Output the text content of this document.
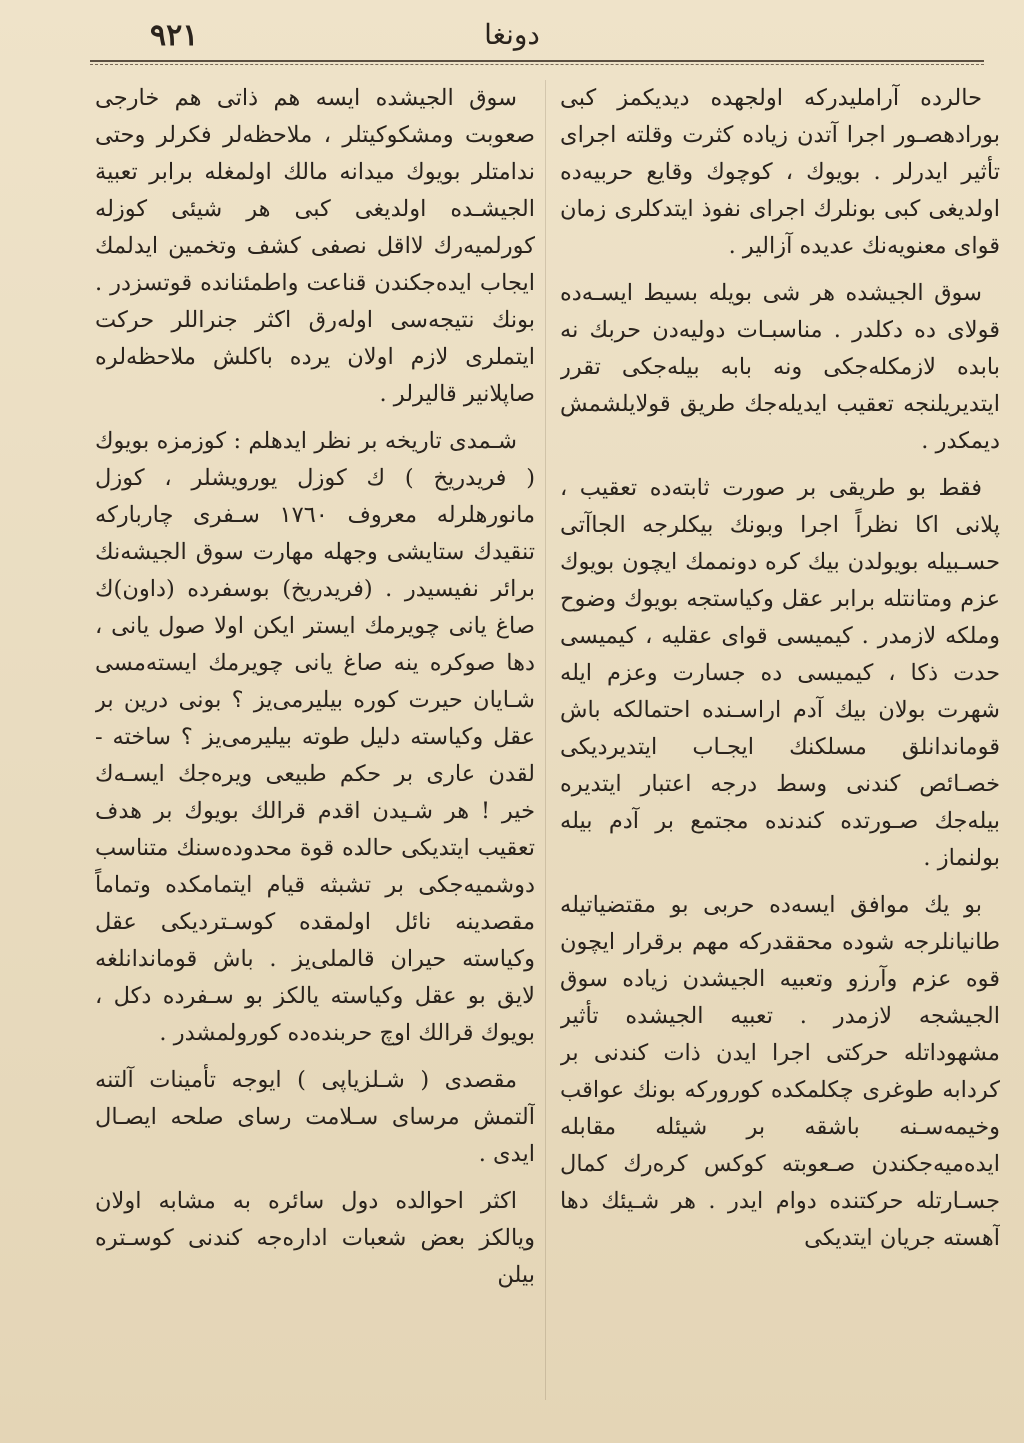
٩٢١	دونغا

حالرده آراملیدرکه اولجهده دیدیکمز کبی بورادهصـور اجرا آتدن زیاده کثرت وقلته اجرای تأثیر ایدرلر . بویوك ، کوچوك وقایع حربیه‌ده اولدیغی کبی بونلرك اجرای نفوذ ایتدکلری زمان قوای معنویه‌نك عدیده آزالیر .

سوق الجیشده هر شی بویله بسیط ایسـه‌ده قولای ده دکلدر . مناسبـات دولیه‌دن حربك نه بابده لازمکله‌جکی ونه بابه بیله‌جکی تقرر ایتدیریلنجه تعقیب ایدیله‌جك طریق قولایلشمش دیمکدر .

فقط بو طریقی بر صورت ثابته‌ده تعقیب ، پلانی اکا نظراً اجرا وبونك بیکلرجه الجاآتی حسـبیله بویولدن بیك کره دونممك ایچون بویوك عزم ومتانتله برابر عقل وکیاستجه بویوك وضوح وملکه لازمدر . کیمیسی قوای عقلیه ، کیمیسی حدت ذکا ، کیمیسی ده جسارت وعزم ایله شهرت بولان بیك آدم اراسـنده احتمالکه باش قوماندانلق مسلکنك ایجـاب ایتدیردیکی خصـائص کندنی وسط درجه اعتبار ایتدیره بیله‌جك صـورتده کندنده مجتمع بر آدم بیله بولنماز .

بو یك موافق ایسه‌ده حربی بو مقتضیاتیله طانیانلرجه شوده محققدرکه مهم برقرار ایچون قوه عزم وآرزو وتعبیه الجیشدن زیاده سوق الجیشجه لازمدر . تعبیه الجیشده تأثیر مشهوداتله حرکتی اجرا ایدن ذات کندنی بر کردابه طوغری چکلمکده کورورکه بونك عواقب وخیمه‌سـنه باشقه بر شیئله مقابله ایده‌میه‌جکندن صـعوبته کوکس کره‌رك کمال جسـارتله حرکتنده دوام ایدر . هر شـیئك دها آهسته جریان ایتدیکی

سوق الجیشده ایسه هم ذاتی هم خارجی صعوبت ومشکوکیتلر ، ملاحظه‌لر فکرلر وحتی ندامتلر بویوك میدانه مالك اولمغله برابر تعبیة الجیشـده اولدیغی کبی هر شیئی کوزله کورلمیه‌رك لااقل نصفی کشف وتخمین ایدلمك ایجاب ایده‌جکندن قناعت واطمئنانده قوتسزدر . بونك نتیجه‌سی اوله‌رق اکثر جنراللر حرکت ایتملری لازم اولان یرده باکلش ملاحظه‌لره صاپلانیر قالیرلر .

شـمدی تاریخه بر نظر ایدهلم : کوزمزه بویوك ( فریدریخ ) ك کوزل یورویشلر ، کوزل مانورهلرله معروف ١٧٦٠ سـفری چاربارکه تنقیدك ستایشی وجهله مهارت سوق الجیشه‌نك برائر نفیسیدر . (فریدریخ) بوسفرده (داون)ك صاغ یانی چویرمك ایستر ایکن اولا صول یانی ، دها صوکره ینه صاغ یانی چویرمك ایسته‌مسی شـایان حیرت کوره بیلیرمی‌یز ؟ بونی درین بر عقل وکیاسته دلیل طوته بیلیرمی‌یز ؟ ساخته - لقدن عاری بر حکم طبیعی ویره‌جك ایسـه‌ك خیر ! هر شـیدن اقدم قرالك بویوك بر هدف تعقیب ایتدیکی حالده قوة محدوده‌سنك متناسب دوشمیه‌جکی بر تشبثه قیام ایتمامکده وتماماً مقصدینه نائل اولمقده کوسـتردیکی عقل وکیاسته حیران قالملی‌یز . باش قوماندانلغه لایق بو عقل وکیاسته یالکز بو سـفرده دکل ، بویوك قرالك اوچ حربنده‌ده کورولمشدر .

مقصدی ( شـلزیاپی ) ایوجه تأمینات آلتنه آلتمش مرسای سـلامت رسای صلحه ایصـال ایدی .

اکثر احوالده دول سائره به مشابه اولان ویالکز بعض شعبات اداره‌جه کندنی کوسـتره بیلن
